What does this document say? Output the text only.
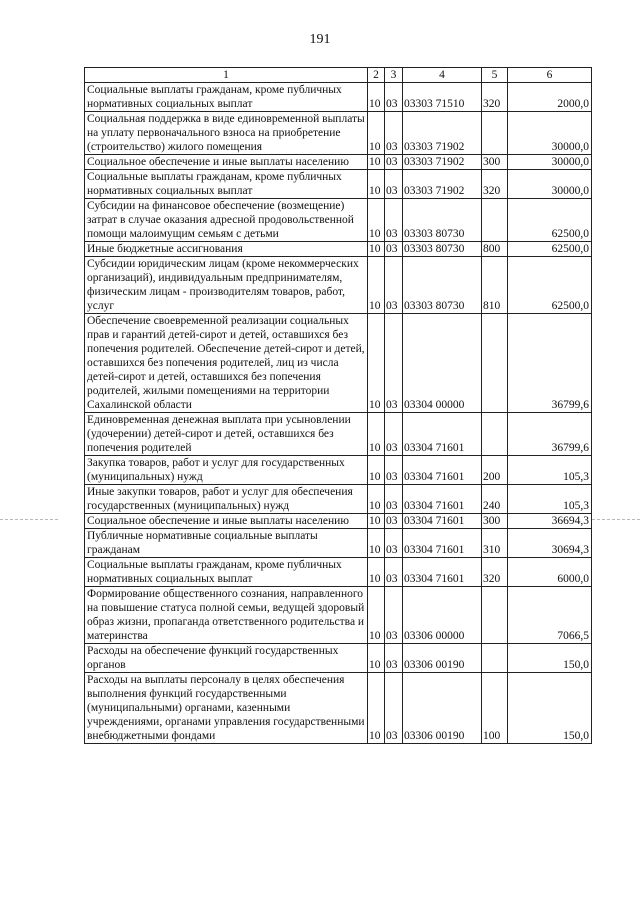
191
1	2	3	4	5	6
Социальные выплаты гражданам, кроме публичных нормативных социальных выплат	10	03	03303 71510	320	2000,0
Социальная поддержка в виде единовременной выплаты на уплату первоначального взноса на приобретение (строительство) жилого помещения	10	03	03303 71902		30000,0
Социальное обеспечение и иные выплаты населению	10	03	03303 71902	300	30000,0
Социальные выплаты гражданам, кроме публичных нормативных социальных выплат	10	03	03303 71902	320	30000,0
Субсидии на финансовое обеспечение (возмещение) затрат в случае оказания адресной продовольственной помощи малоимущим семьям с детьми	10	03	03303 80730		62500,0
Иные бюджетные ассигнования	10	03	03303 80730	800	62500,0
Субсидии юридическим лицам (кроме некоммерческих организаций), индивидуальным предпринимателям, физическим лицам - производителям товаров, работ, услуг	10	03	03303 80730	810	62500,0
Обеспечение своевременной реализации социальных прав и гарантий детей-сирот и детей, оставшихся без попечения родителей. Обеспечение детей-сирот и детей, оставшихся без попечения родителей, лиц из числа детей-сирот и детей, оставшихся без попечения родителей, жилыми помещениями на территории Сахалинской области	10	03	03304 00000		36799,6
Единовременная денежная выплата при усыновлении (удочерении) детей-сирот и детей, оставшихся без попечения родителей	10	03	03304 71601		36799,6
Закупка товаров, работ и услуг для государственных (муниципальных) нужд	10	03	03304 71601	200	105,3
Иные закупки товаров, работ и услуг для обеспечения государственных (муниципальных) нужд	10	03	03304 71601	240	105,3
Социальное обеспечение и иные выплаты населению	10	03	03304 71601	300	36694,3
Публичные нормативные социальные выплаты гражданам	10	03	03304 71601	310	30694,3
Социальные выплаты гражданам, кроме публичных нормативных социальных выплат	10	03	03304 71601	320	6000,0
Формирование общественного сознания, направленного на повышение статуса полной семьи, ведущей здоровый образ жизни, пропаганда ответственного родительства и материнства	10	03	03306 00000		7066,5
Расходы на обеспечение функций государственных органов	10	03	03306 00190		150,0
Расходы на выплаты персоналу в целях обеспечения выполнения функций государственными (муниципальными) органами, казенными учреждениями, органами управления государственными внебюджетными фондами	10	03	03306 00190	100	150,0
